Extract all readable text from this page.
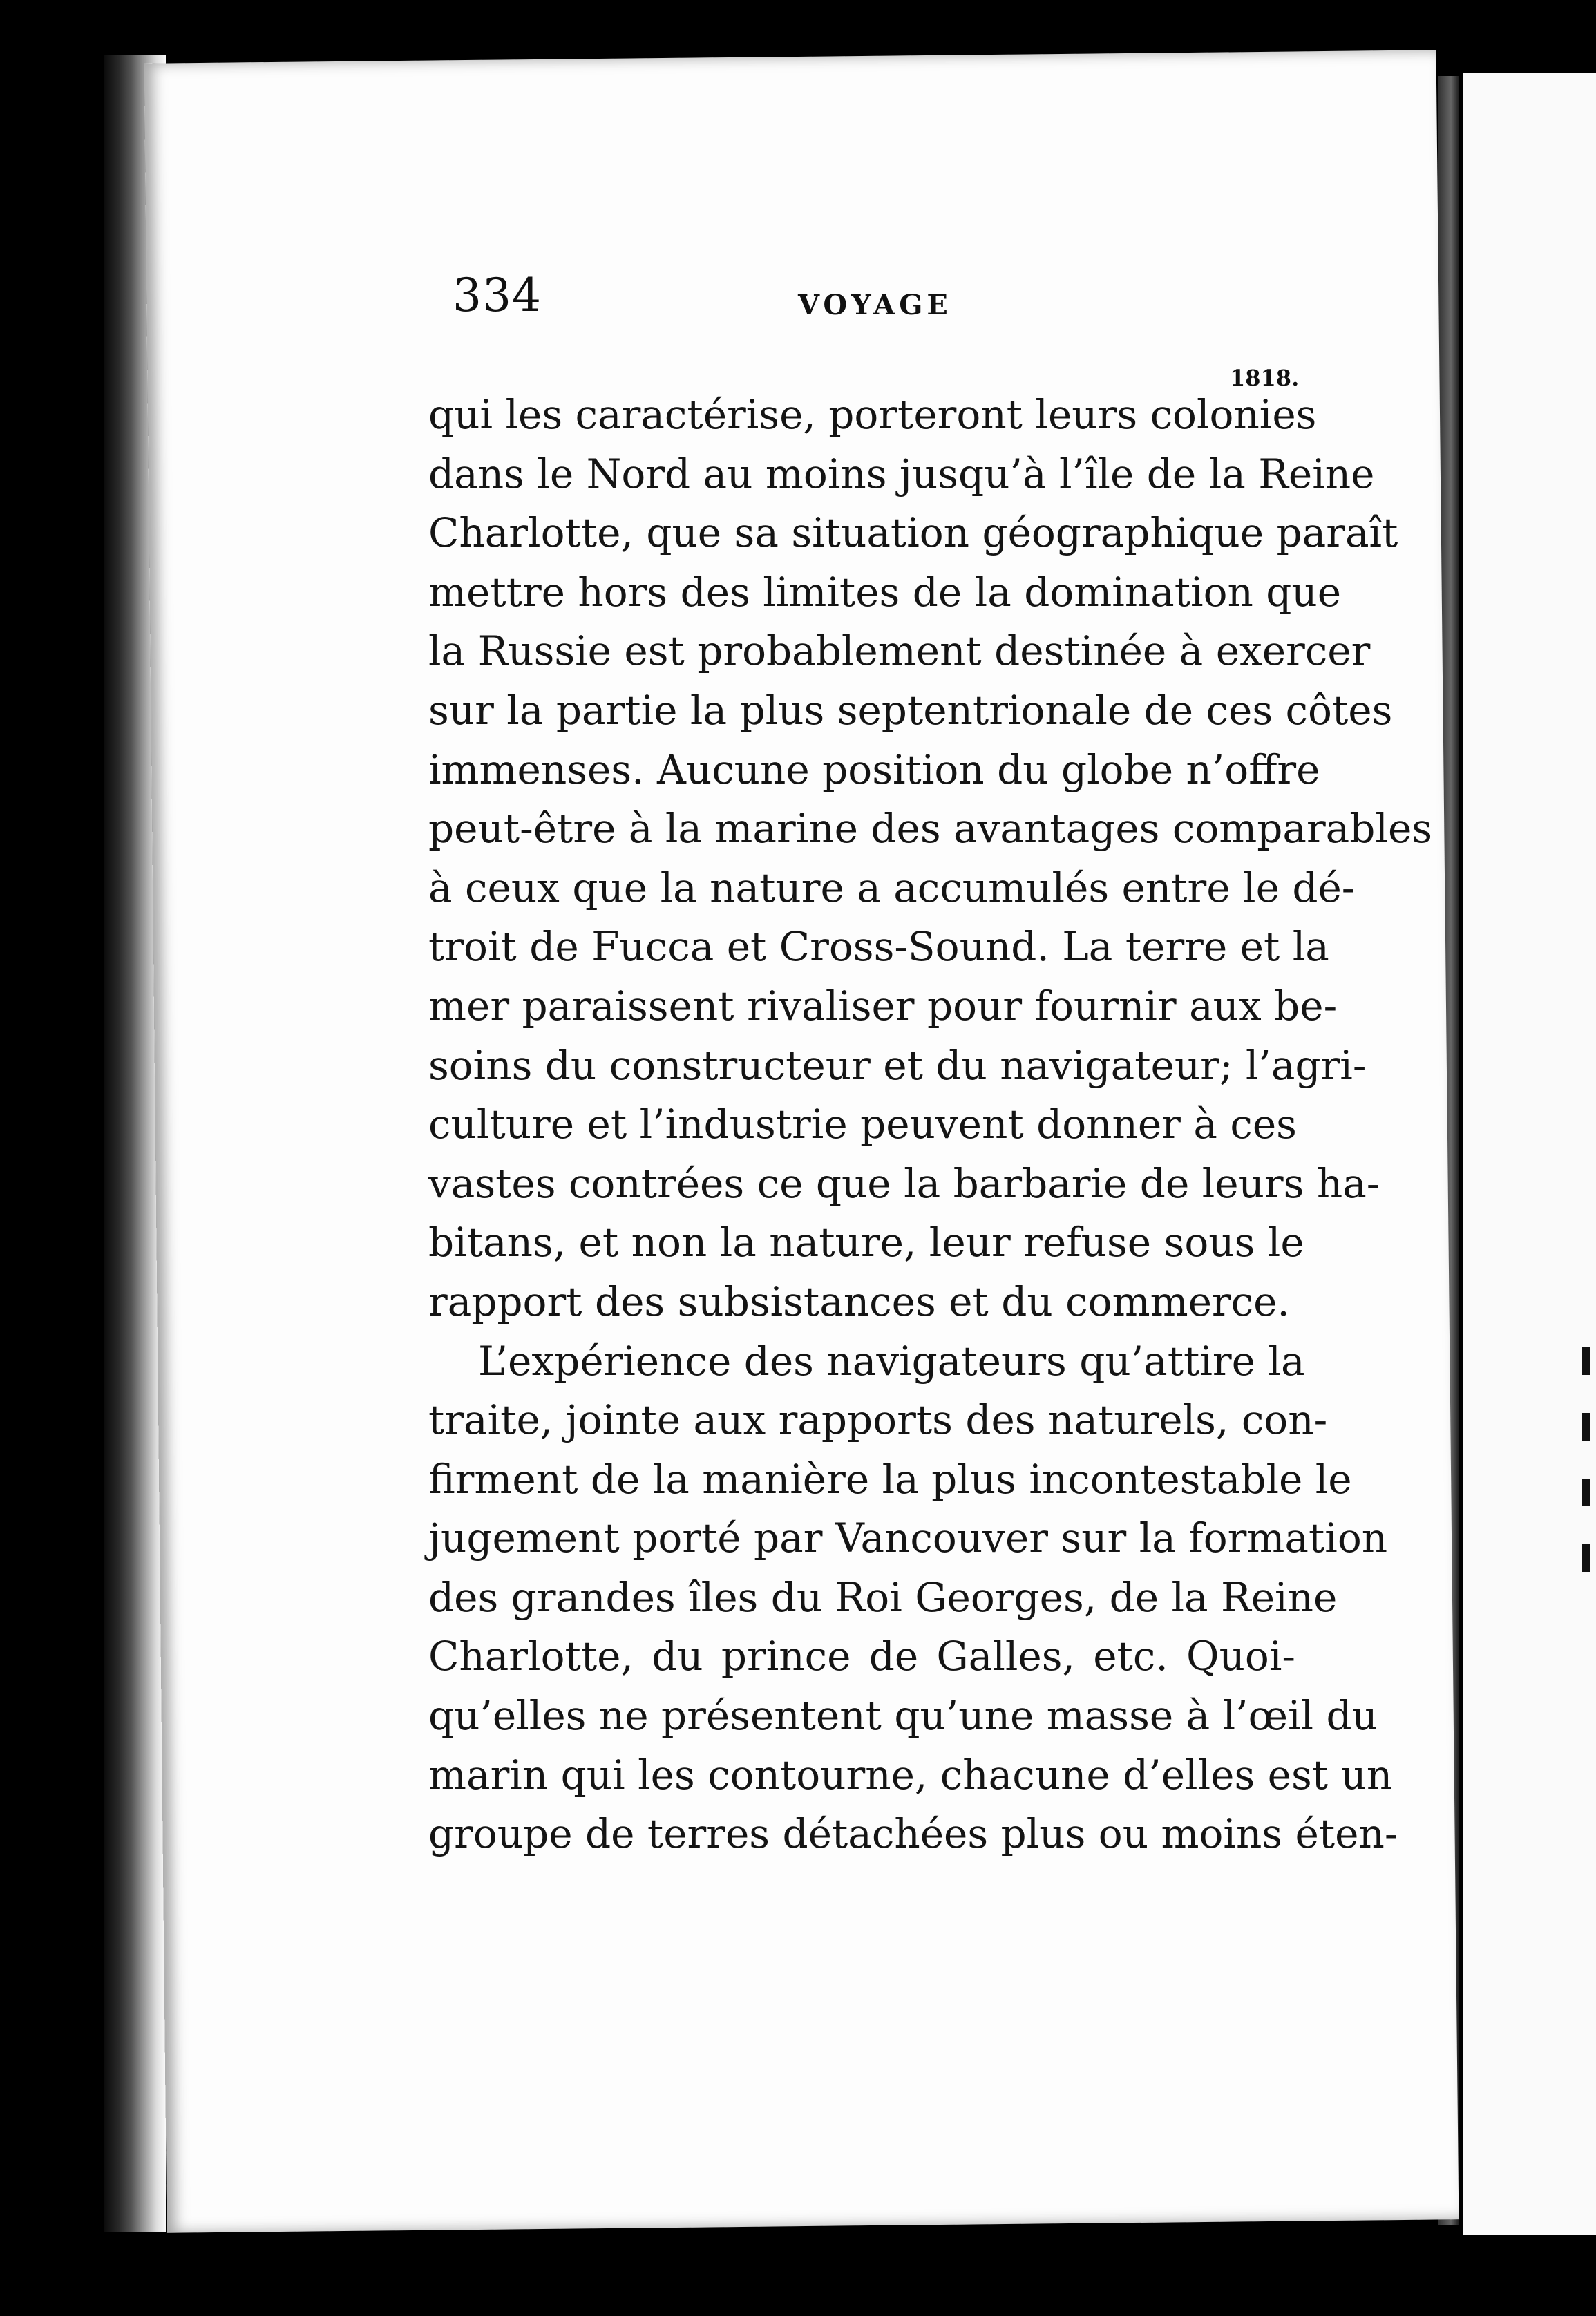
334	VOYAGE
1818.
qui les caractérise, porteront leurs colonies
dans le Nord au moins jusqu’à l’île de la Reine
Charlotte, que sa situation géographique paraît
mettre hors des limites de la domination que
la Russie est probablement destinée à exercer
sur la partie la plus septentrionale de ces côtes
immenses. Aucune position du globe n’offre
peut-être à la marine des avantages comparables
à ceux que la nature a accumulés entre le dé-
troit de Fucca et Cross-Sound. La terre et la
mer paraissent rivaliser pour fournir aux be-
soins du constructeur et du navigateur; l’agri-
culture et l’industrie peuvent donner à ces
vastes contrées ce que la barbarie de leurs ha-
bitans, et non la nature, leur refuse sous le
rapport des subsistances et du commerce.
L’expérience des navigateurs qu’attire la
traite, jointe aux rapports des naturels, con-
firment de la manière la plus incontestable le
jugement porté par Vancouver sur la formation
des grandes îles du Roi Georges, de la Reine
Charlotte, du prince de Galles, etc. Quoi-
qu’elles ne présentent qu’une masse à l’œil du
marin qui les contourne, chacune d’elles est un
groupe de terres détachées plus ou moins éten-
